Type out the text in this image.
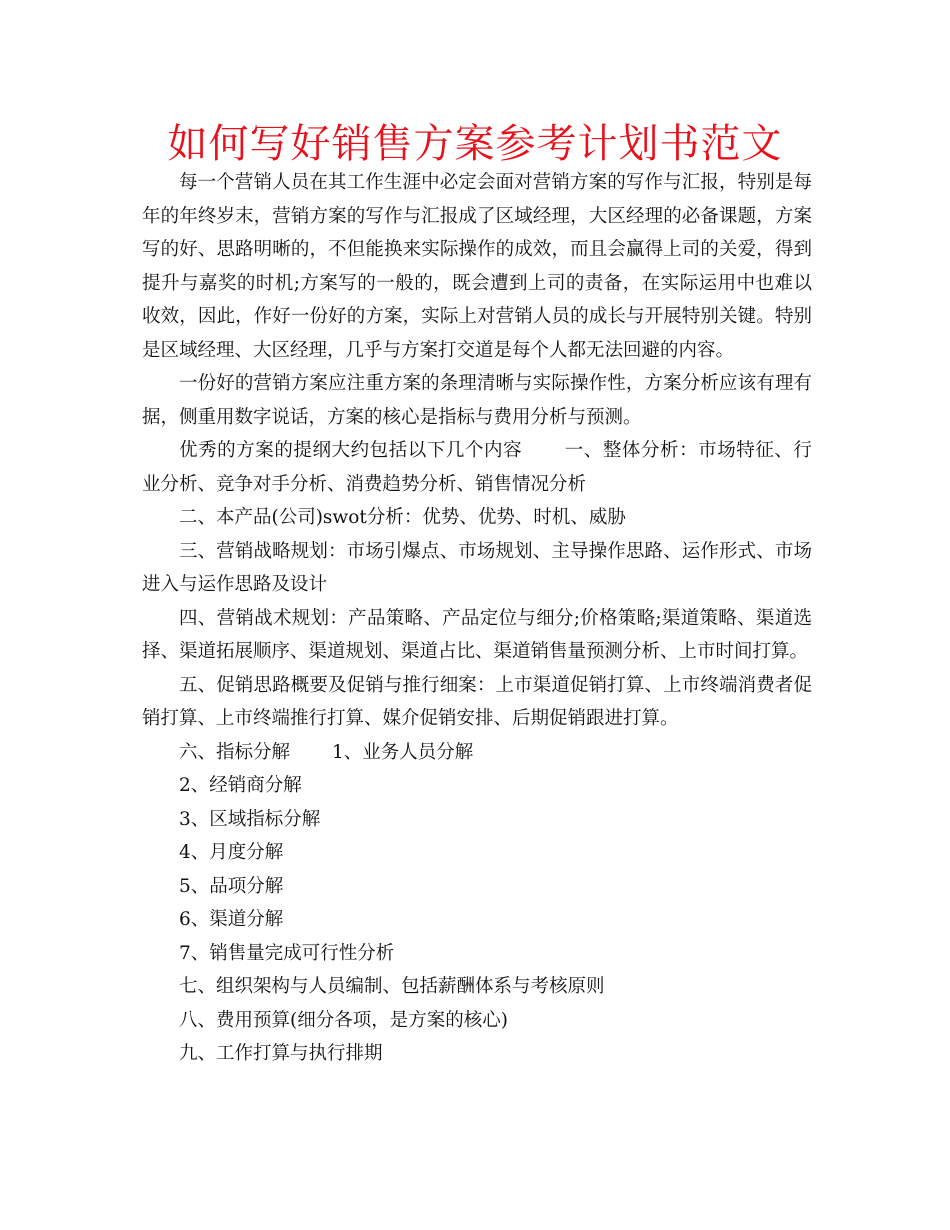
如何写好销售方案参考计划书范文

每一个营销人员在其工作生涯中必定会面对营销方案的写作与汇报，特别是每年的年终岁末，营销方案的写作与汇报成了区域经理，大区经理的必备课题，方案写的好、思路明晰的，不但能换来实际操作的成效，而且会赢得上司的关爱，得到提升与嘉奖的时机;方案写的一般的，既会遭到上司的责备，在实际运用中也难以收效，因此，作好一份好的方案，实际上对营销人员的成长与开展特别关键。特别是区域经理、大区经理，几乎与方案打交道是每个人都无法回避的内容。

一份好的营销方案应注重方案的条理清晰与实际操作性，方案分析应该有理有据，侧重用数字说话，方案的核心是指标与费用分析与预测。

优秀的方案的提纲大约包括以下几个内容 一、整体分析：市场特征、行业分析、竞争对手分析、消费趋势分析、销售情况分析

二、本产品(公司)swot分析：优势、优势、时机、威胁

三、营销战略规划：市场引爆点、市场规划、主导操作思路、运作形式、市场进入与运作思路及设计

四、营销战术规划：产品策略、产品定位与细分;价格策略;渠道策略、渠道选择、渠道拓展顺序、渠道规划、渠道占比、渠道销售量预测分析、上市时间打算。

五、促销思路概要及促销与推行细案：上市渠道促销打算、上市终端消费者促销打算、上市终端推行打算、媒介促销安排、后期促销跟进打算。

六、指标分解 1、业务人员分解

2、经销商分解

3、区域指标分解

4、月度分解

5、品项分解

6、渠道分解

7、销售量完成可行性分析

七、组织架构与人员编制、包括薪酬体系与考核原则

八、费用预算(细分各项，是方案的核心)

九、工作打算与执行排期
